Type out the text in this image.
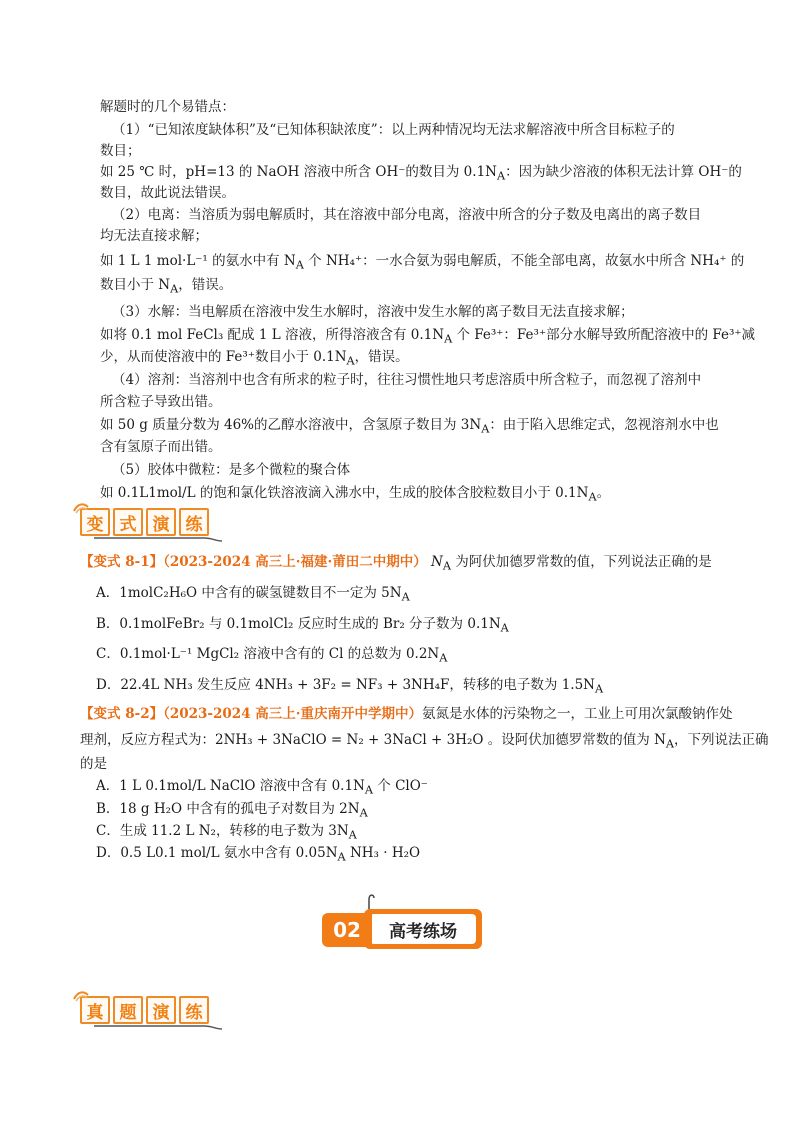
解题时的几个易错点：
（1）“已知浓度缺体积”及“已知体积缺浓度”：以上两种情况均无法求解溶液中所含目标粒子的
数目；
如 25 ℃ 时，pH=13 的 NaOH 溶液中所含 OH⁻的数目为 $0.1N_A$：因为缺少溶液的体积无法计算 OH⁻的
数目，故此说法错误。
（2）电离：当溶质为弱电解质时，其在溶液中部分电离，溶液中所含的分子数及电离出的离子数目
均无法直接求解；
如 1 L 1 mol·L⁻¹ 的氨水中有 $N_A$ 个 NH₄⁺：一水合氨为弱电解质，不能全部电离，故氨水中所含 NH₄⁺ 的
数目小于 $N_A$，错误。
（3）水解：当电解质在溶液中发生水解时，溶液中发生水解的离子数目无法直接求解；
如将 0.1 mol FeCl₃ 配成 1 L 溶液，所得溶液含有 $0.1N_A$ 个 Fe³⁺：Fe³⁺部分水解导致所配溶液中的 Fe³⁺减
少，从而使溶液中的 Fe³⁺数目小于 $0.1N_A$，错误。
（4）溶剂：当溶剂中也含有所求的粒子时，往往习惯性地只考虑溶质中所含粒子，而忽视了溶剂中
所含粒子导致出错。
如 50 g 质量分数为 46%的乙醇水溶液中，含氢原子数目为 $3N_A$：由于陷入思维定式，忽视溶剂水中也
含有氢原子而出错。
（5）胶体中微粒：是多个微粒的聚合体
如 0.1L1mol/L 的饱和氯化铁溶液滴入沸水中，生成的胶体含胶粒数目小于 $0.1N_A$。
变 式 演 练
【变式 8-1】（2023-2024 高三上·福建·莆田二中期中） $N_A$ 为阿伏加德罗常数的值，下列说法正确的是
A．1molC₂H₆O 中含有的碳氢键数目不一定为 $5N_A$
B．0.1molFeBr₂ 与 0.1molCl₂ 反应时生成的 Br₂ 分子数为 $0.1N_A$
C．0.1mol·L⁻¹ MgCl₂ 溶液中含有的 Cl 的总数为 $0.2N_A$
D．22.4L NH₃ 发生反应 4NH₃ + 3F₂ = NF₃ + 3NH₄F，转移的电子数为 $1.5N_A$
【变式 8-2】（2023-2024 高三上·重庆南开中学期中）氨氮是水体的污染物之一，工业上可用次氯酸钠作处
理剂，反应方程式为：2NH₃ + 3NaClO = N₂ + 3NaCl + 3H₂O 。设阿伏加德罗常数的值为 $N_A$，下列说法正确
的是
A．1 L 0.1mol/L NaClO 溶液中含有 $0.1N_A$ 个 ClO⁻
B．18 g H₂O 中含有的孤电子对数目为 $2N_A$
C．生成 11.2 L N₂，转移的电子数为 $3N_A$
D．0.5 L0.1 mol/L 氨水中含有 $0.05N_A$ NH₃ · H₂O
高考练场
02
真 题 演 练
